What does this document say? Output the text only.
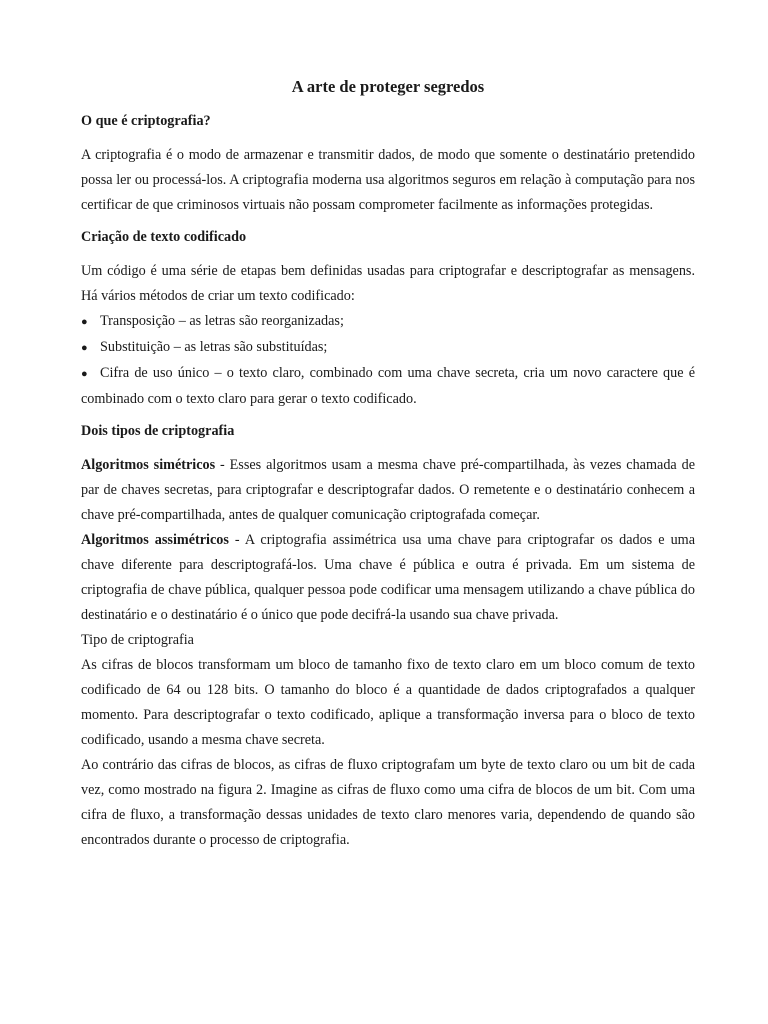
A arte de proteger segredos
O que é criptografia?

A criptografia é o modo de armazenar e transmitir dados, de modo que somente o destinatário pretendido possa ler ou processá-los. A criptografia moderna usa algoritmos seguros em relação à computação para nos certificar de que criminosos virtuais não possam comprometer facilmente as informações protegidas.

Criação de texto codificado

Um código é uma série de etapas bem definidas usadas para criptografar e descriptografar as mensagens. Há vários métodos de criar um texto codificado:

● Transposição – as letras são reorganizadas;
● Substituição – as letras são substituídas;
● Cifra de uso único – o texto claro, combinado com uma chave secreta, cria um novo caractere que é combinado com o texto claro para gerar o texto codificado.
Dois tipos de criptografia

Algoritmos simétricos - Esses algoritmos usam a mesma chave pré-compartilhada, às vezes chamada de par de chaves secretas, para criptografar e descriptografar dados. O remetente e o destinatário conhecem a chave pré-compartilhada, antes de qualquer comunicação criptografada começar.

Algoritmos assimétricos - A criptografia assimétrica usa uma chave para criptografar os dados e uma chave diferente para descriptografá-los. Uma chave é pública e outra é privada. Em um sistema de criptografia de chave pública, qualquer pessoa pode codificar uma mensagem utilizando a chave pública do destinatário e o destinatário é o único que pode decifrá-la usando sua chave privada.

Tipo de criptografia

As cifras de blocos transformam um bloco de tamanho fixo de texto claro em um bloco comum de texto codificado de 64 ou 128 bits. O tamanho do bloco é a quantidade de dados criptografados a qualquer momento. Para descriptografar o texto codificado, aplique a transformação inversa para o bloco de texto codificado, usando a mesma chave secreta.

Ao contrário das cifras de blocos, as cifras de fluxo criptografam um byte de texto claro ou um bit de cada vez, como mostrado na figura 2. Imagine as cifras de fluxo como uma cifra de blocos de um bit. Com uma cifra de fluxo, a transformação dessas unidades de texto claro menores varia, dependendo de quando são encontrados durante o processo de criptografia.
